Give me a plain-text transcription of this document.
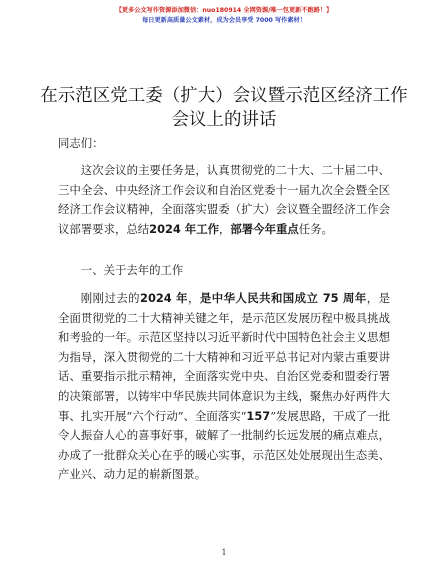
【更多公文写作资源添加微信：nuo180914 全网资源/唯一包更新不跑路！】
每日更新高质量公文素材，成为会员享受 7000 写作素材！
在示范区党工委（扩大）会议暨示范区经济工作会议上的讲话
同志们：
这次会议的主要任务是，认真贯彻党的二十大、二十届二中、三中全会、中央经济工作会议和自治区党委十一届九次全会暨全区经济工作会议精神，全面落实盟委（扩大）会议暨全盟经济工作会议部署要求，总结2024 年工作，部署今年重点任务。
一、关于去年的工作
刚刚过去的2024 年，是中华人民共和国成立 75 周年，是全面贯彻党的二十大精神关键之年，是示范区发展历程中极具挑战和考验的一年。示范区坚持以习近平新时代中国特色社会主义思想为指导，深入贯彻党的二十大精神和习近平总书记对内蒙古重要讲话、重要指示批示精神，全面落实党中央、自治区党委和盟委行署的决策部署，以铸牢中华民族共同体意识为主线，聚焦办好两件大事、扎实开展“六个行动”、全面落实“157”发展思路，干成了一批令人振奋人心的喜事好事，破解了一批制约长远发展的痛点难点，办成了一批群众关心在乎的暖心实事，示范区处处展现出生态美、产业兴、动力足的崭新图景。
1
